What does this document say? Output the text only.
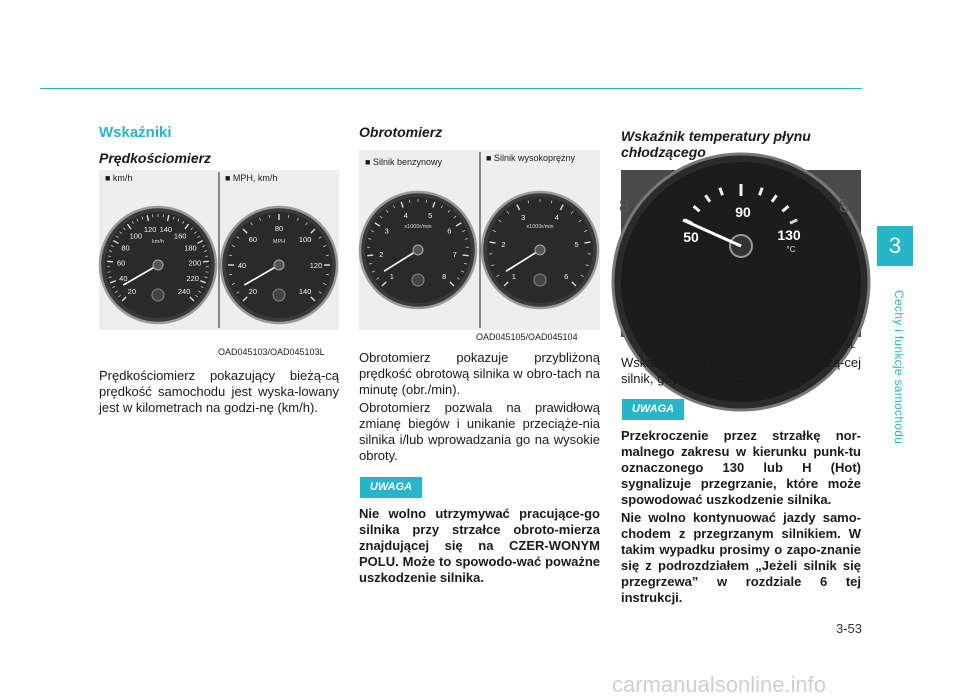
3
Cechy i funkcje samochodu
Wskaźniki
Prędkościomierz
20
40
60
80
100
120 140
160
180
200
220
240
km/h
20
40
60
80
100
120
140
MPH
■ km/h	■ MPH, km/h
OAD045103/OAD045103L
Prędkościomierz pokazujący bieżą-cą prędkość samochodu jest wyska-lowany jest w kilometrach na godzi-nę (km/h).
Obrotomierz
1
2
3
4	5
6
7
8
x1000r/min
1
2
3	4
5
6
x1000r/min
■ Silnik benzynowy	■ Silnik wysokoprężny
OAD045105/OAD045104
Obrotomierz pokazuje przybliżoną prędkość obrotową silnika w obro-tach na minutę (obr./min).
Obrotomierz pozwala na prawidłową zmianę biegów i unikanie przeciąże-nia silnika i/lub wprowadzania go na wysokie obroty.
UWAGA
Nie wolno utrzymywać pracujące-go silnika przy strzałce obroto-mierza znajdującej się na CZER-WONYM POLU. Może to spowodo-wać poważne uszkodzenie silnika.
Wskaźnik temperatury płynu chłodzącego
50
90
130
°C
8	8
OAD045106L
Wskazuje temperaturę cieczy chłodzą-cej silnik, gdy zapłon jest włączony.
UWAGA
Przekroczenie przez strzałkę nor-malnego zakresu w kierunku punk-tu oznaczonego 130 lub H (Hot) sygnalizuje przegrzanie, które może spowodować uszkodzenie silnika.
Nie wolno kontynuować jazdy samo-chodem z przegrzanym silnikiem. W takim wypadku prosimy o zapo-znanie się z podrozdziałem „Jeżeli silnik się przegrzewa” w rozdziale 6 tej instrukcji.
3-53
carmanualsonline.info
